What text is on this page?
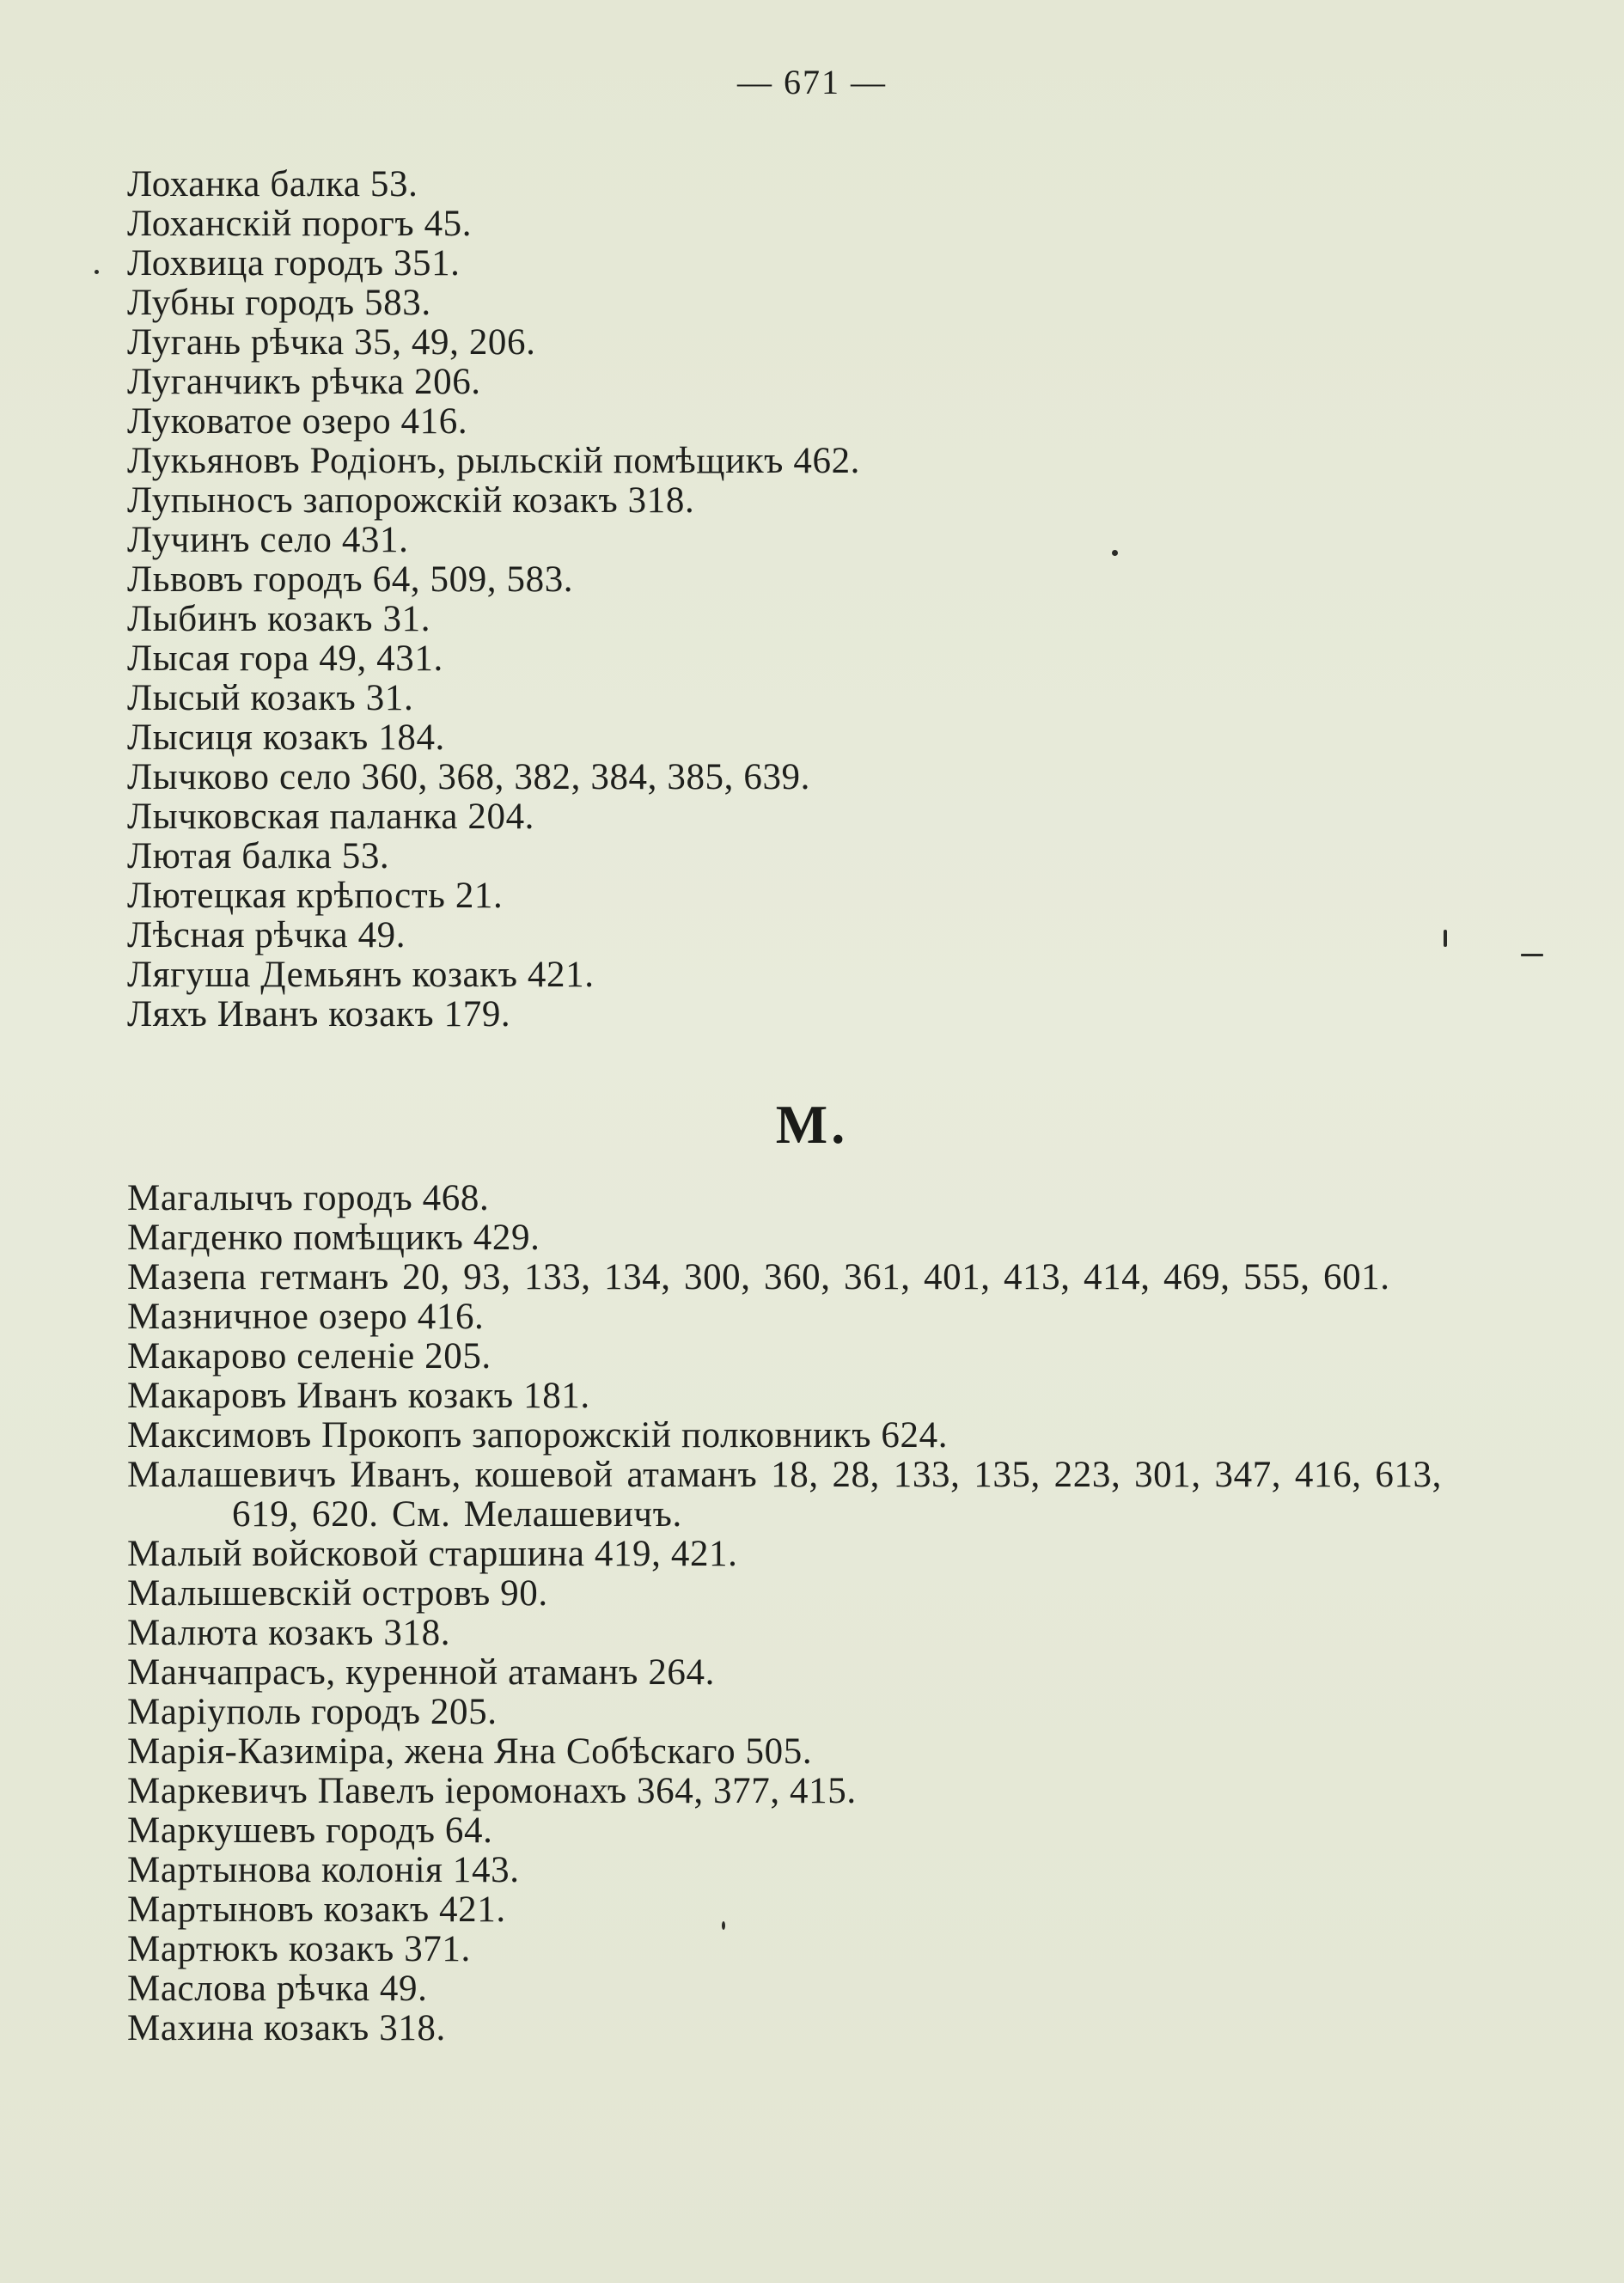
— 671 —
Лоханка балка 53.
Лоханскій порогъ 45.
Лохвица городъ 351.
Лубны городъ 583.
Лугань рѣчка 35, 49, 206.
Луганчикъ рѣчка 206.
Луковатое озеро 416.
Лукьяновъ Родіонъ, рыльскій помѣщикъ 462.
Лупыносъ запорожскій козакъ 318.
Лучинъ село 431.
Львовъ городъ 64, 509, 583.
Лыбинъ козакъ 31.
Лысая гора 49, 431.
Лысый козакъ 31.
Лысиця козакъ 184.
Лычково село 360, 368, 382, 384, 385, 639.
Лычковская паланка 204.
Лютая балка 53.
Лютецкая крѣпость 21.
Лѣсная рѣчка 49.
Лягуша Демьянъ козакъ 421.
Ляхъ Иванъ козакъ 179.
М.
Магалычъ городъ 468.
Магденко помѣщикъ 429.
Мазепа гетманъ 20, 93, 133, 134, 300, 360, 361, 401, 413, 414, 469, 555, 601.
Мазничное озеро 416.
Макарово селеніе 205.
Макаровъ Иванъ козакъ 181.
Максимовъ Прокопъ запорожскій полковникъ 624.
Малашевичъ Иванъ, кошевой атаманъ 18, 28, 133, 135, 223, 301, 347, 416, 613, 619, 620. См. Мелашевичъ.
Малый войсковой старшина 419, 421.
Малышевскій островъ 90.
Малюта козакъ 318.
Манчапрасъ, куренной атаманъ 264.
Маріуполь городъ 205.
Марія-Казиміра, жена Яна Собѣскаго 505.
Маркевичъ Павелъ іеромонахъ 364, 377, 415.
Маркушевъ городъ 64.
Мартынова колонія 143.
Мартыновъ козакъ 421.
Мартюкъ козакъ 371.
Маслова рѣчка 49.
Махина козакъ 318.
